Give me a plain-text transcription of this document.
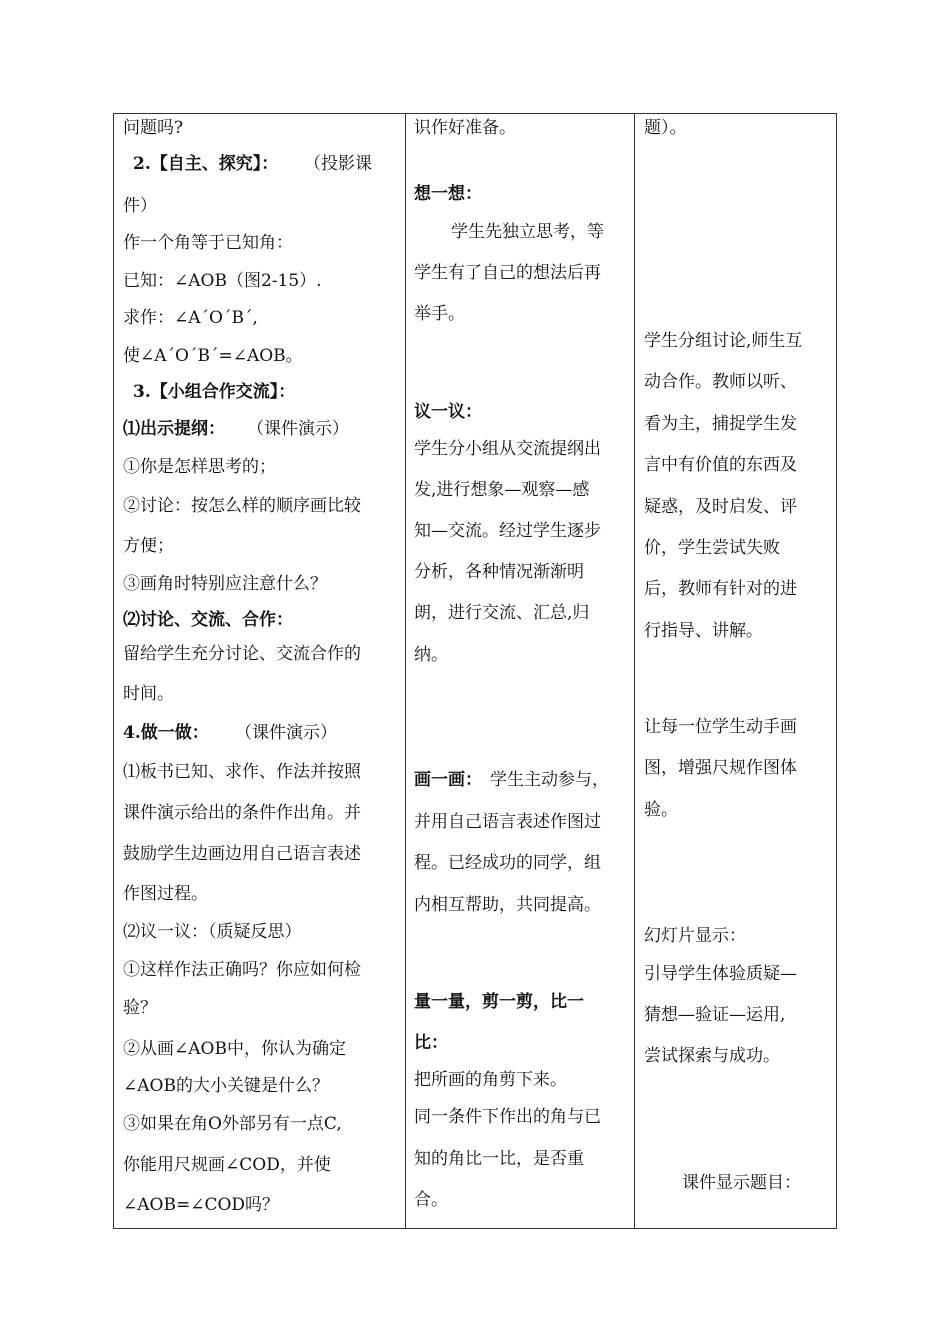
问题吗?
2.【自主、探究】： （投影课
件）
作一个角等于已知角：
已知：∠AOB（图2-15）.
求作：∠A´O´B´,
使∠A´O´B´=∠AOB。
3.【小组合作交流】：
⑴出示提纲： （课件演示）
①你是怎样思考的；
②讨论：按怎么样的顺序画比较
方便；
③画角时特别应注意什么？
⑵讨论、交流、合作：
留给学生充分讨论、交流合作的
时间。
4.做一做： （课件演示）
⑴板书已知、求作、作法并按照
课件演示给出的条件作出角。并
鼓励学生边画边用自己语言表述
作图过程。
⑵议一议：（质疑反思）
①这样作法正确吗？你应如何检
验？
②从画∠AOB中，你认为确定
∠AOB的大小关键是什么？
③如果在角O外部另有一点C,
你能用尺规画∠COD，并使
∠AOB=∠COD吗？
识作好准备。
想一想：
学生先独立思考，等
学生有了自己的想法后再
举手。
议一议：
学生分小组从交流提纲出
发,进行想象—观察—感
知—交流。经过学生逐步
分析，各种情况渐渐明
朗，进行交流、汇总,归
纳。
画一画： 学生主动参与，
并用自己语言表述作图过
程。已经成功的同学，组
内相互帮助，共同提高。
量一量，剪一剪，比一
比：
把所画的角剪下来。
同一条件下作出的角与已
知的角比一比，是否重
合。
题）。
学生分组讨论,师生互
动合作。教师以听、
看为主，捕捉学生发
言中有价值的东西及
疑惑，及时启发、评
价，学生尝试失败
后，教师有针对的进
行指导、讲解。
让每一位学生动手画
图，增强尺规作图体
验。
幻灯片显示：
引导学生体验质疑—
猜想—验证—运用,
尝试探索与成功。
课件显示题目：
